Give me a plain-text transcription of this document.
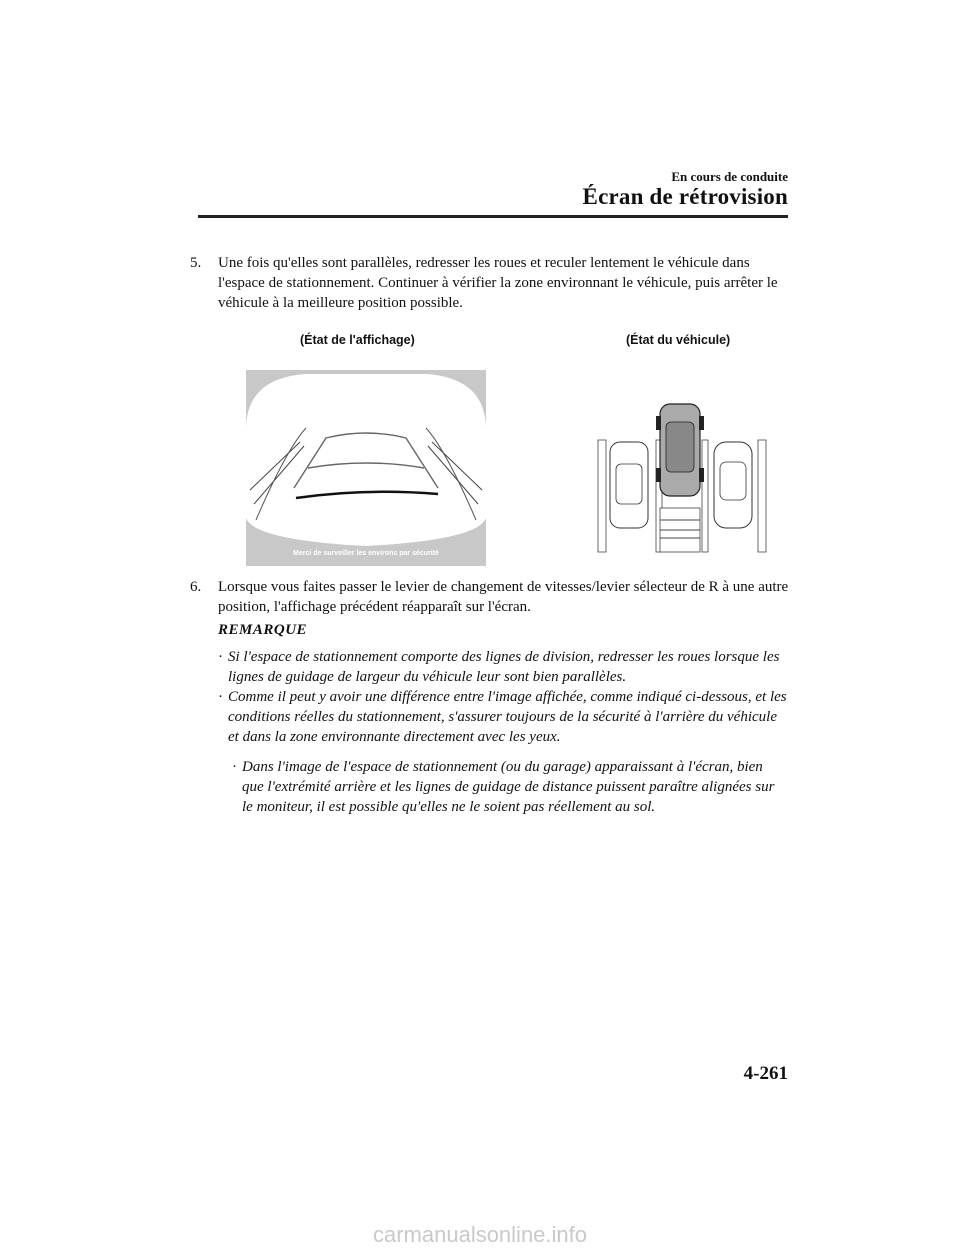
En cours de conduite
Écran de rétrovision
5. Une fois qu'elles sont parallèles, redresser les roues et reculer lentement le véhicule dans l'espace de stationnement. Continuer à vérifier la zone environnant le véhicule, puis arrêter le véhicule à la meilleure position possible.
(État de l'affichage)	(État du véhicule)
Merci de surveiller les environs par sécurité
6. Lorsque vous faites passer le levier de changement de vitesses/levier sélecteur de R à une autre position, l'affichage précédent réapparaît sur l'écran.
REMARQUE
· Si l'espace de stationnement comporte des lignes de division, redresser les roues lorsque les lignes de guidage de largeur du véhicule leur sont bien parallèles.
· Comme il peut y avoir une différence entre l'image affichée, comme indiqué ci-dessous, et les conditions réelles du stationnement, s'assurer toujours de la sécurité à l'arrière du véhicule et dans la zone environnante directement avec les yeux.
· Dans l'image de l'espace de stationnement (ou du garage) apparaissant à l'écran, bien que l'extrémité arrière et les lignes de guidage de distance puissent paraître alignées sur le moniteur, il est possible qu'elles ne le soient pas réellement au sol.
4-261
carmanualsonline.info
